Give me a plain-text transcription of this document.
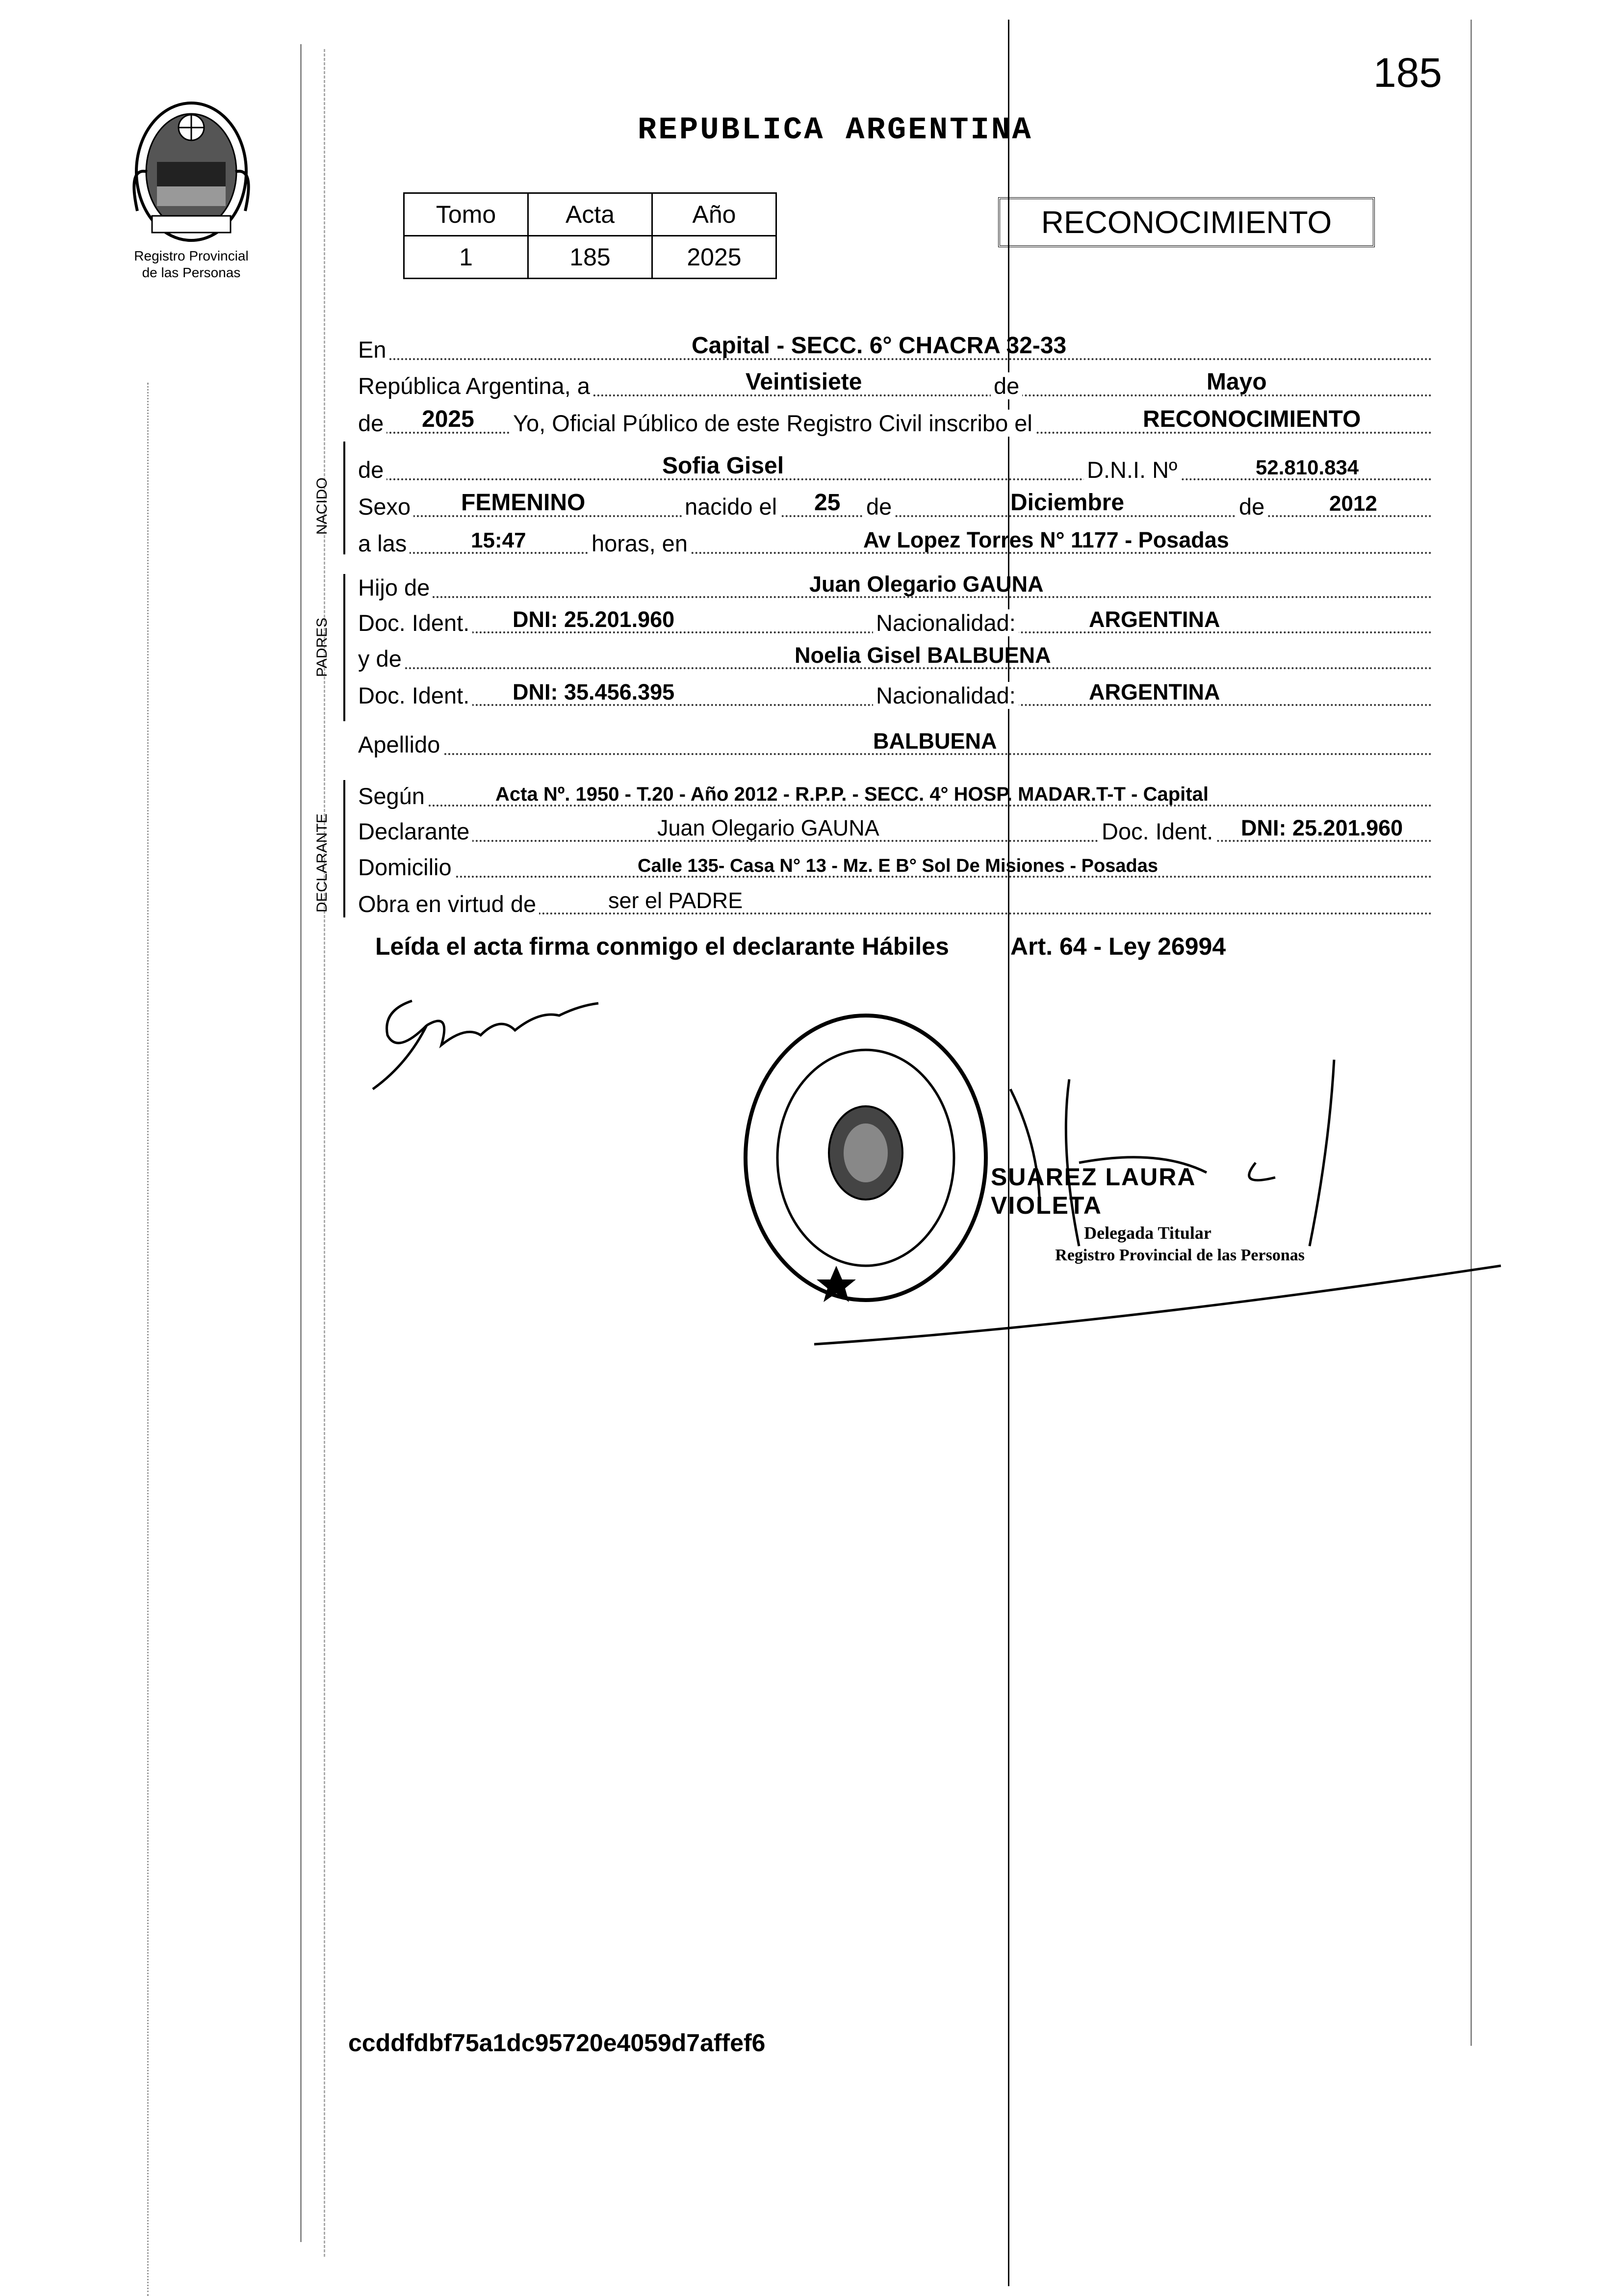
Registro Provincial
de las Personas
185
REPUBLICA ARGENTINA
Tomo	Acta	Año
1	185	2025
RECONOCIMIENTO
En	Capital - SECC. 6° CHACRA 32-33
República Argentina, a	Veintisiete	de	Mayo
de 2025 Yo, Oficial Público de este Registro Civil inscribo el	RECONOCIMIENTO
NACIDO
de	Sofia Gisel	D.N.I. Nº	52.810.834
Sexo FEMENINO	nacido el 25 de	Diciembre	de	2012
a las	15:47	horas, en	Av Lopez Torres N° 1177 - Posadas
PADRES
Hijo de	Juan Olegario GAUNA
Doc. Ident. DNI: 25.201.960	Nacionalidad:	ARGENTINA
y de	Noelia Gisel BALBUENA
Doc. Ident. DNI: 35.456.395	Nacionalidad:	ARGENTINA
Apellido	BALBUENA
DECLARANTE
Según	Acta Nº. 1950 - T.20 - Año 2012 - R.P.P. - SECC. 4° HOSP. MADAR.T-T - Capital
Declarante	Juan Olegario GAUNA	Doc. Ident. DNI: 25.201.960
Domicilio	Calle 135- Casa N° 13 - Mz. E B° Sol De Misiones - Posadas
Obra en virtud de	ser el PADRE
Leída el acta firma conmigo el declarante Hábiles	Art. 64 - Ley 26994
SUAREZ LAURA VIOLETA
Delegada Titular
Registro Provincial de las Personas
ccddfdbf75a1dc95720e4059d7affef6
